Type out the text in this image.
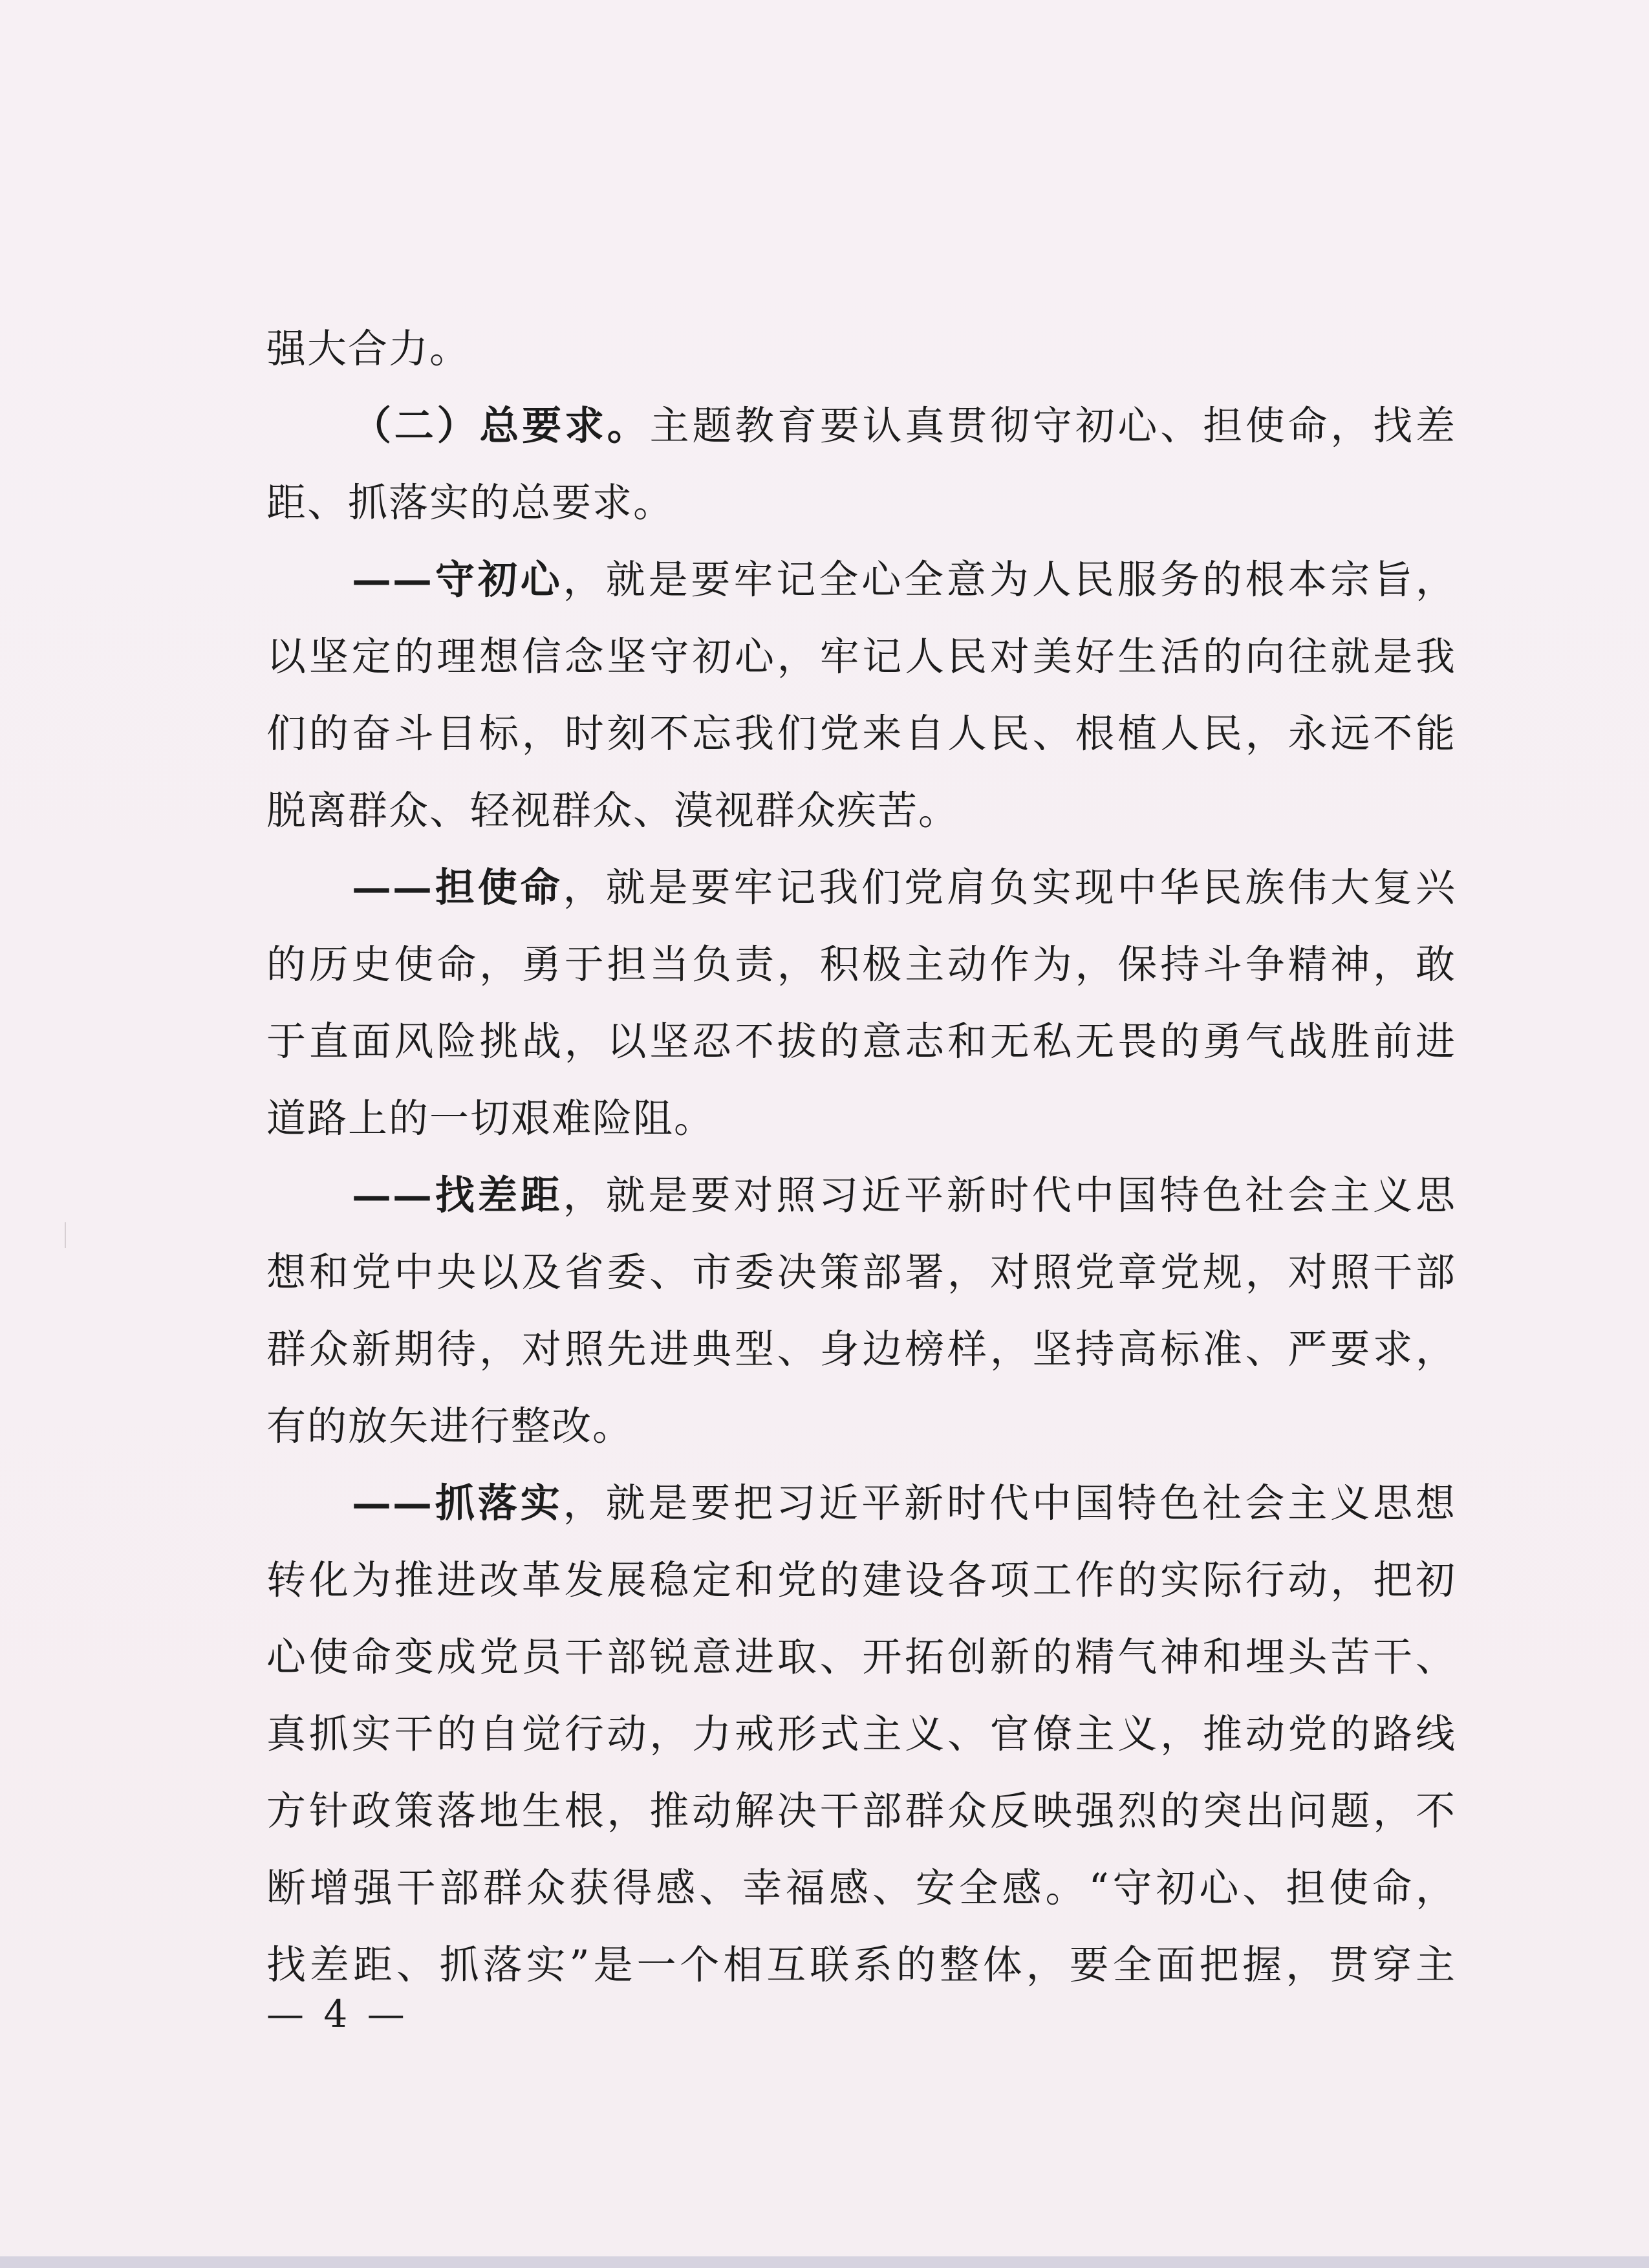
强大合力。
（二）总要求。主题教育要认真贯彻守初心、担使命，找差
距、抓落实的总要求。
——守初心，就是要牢记全心全意为人民服务的根本宗旨，
以坚定的理想信念坚守初心，牢记人民对美好生活的向往就是我
们的奋斗目标，时刻不忘我们党来自人民、根植人民，永远不能
脱离群众、轻视群众、漠视群众疾苦。
——担使命，就是要牢记我们党肩负实现中华民族伟大复兴
的历史使命，勇于担当负责，积极主动作为，保持斗争精神，敢
于直面风险挑战，以坚忍不拔的意志和无私无畏的勇气战胜前进
道路上的一切艰难险阻。
——找差距，就是要对照习近平新时代中国特色社会主义思
想和党中央以及省委、市委决策部署，对照党章党规，对照干部
群众新期待，对照先进典型、身边榜样，坚持高标准、严要求，
有的放矢进行整改。
——抓落实，就是要把习近平新时代中国特色社会主义思想
转化为推进改革发展稳定和党的建设各项工作的实际行动，把初
心使命变成党员干部锐意进取、开拓创新的精气神和埋头苦干、
真抓实干的自觉行动，力戒形式主义、官僚主义，推动党的路线
方针政策落地生根，推动解决干部群众反映强烈的突出问题，不
断增强干部群众获得感、幸福感、安全感。“守初心、担使命，
找差距、抓落实”是一个相互联系的整体，要全面把握，贯穿主
— 4 —
